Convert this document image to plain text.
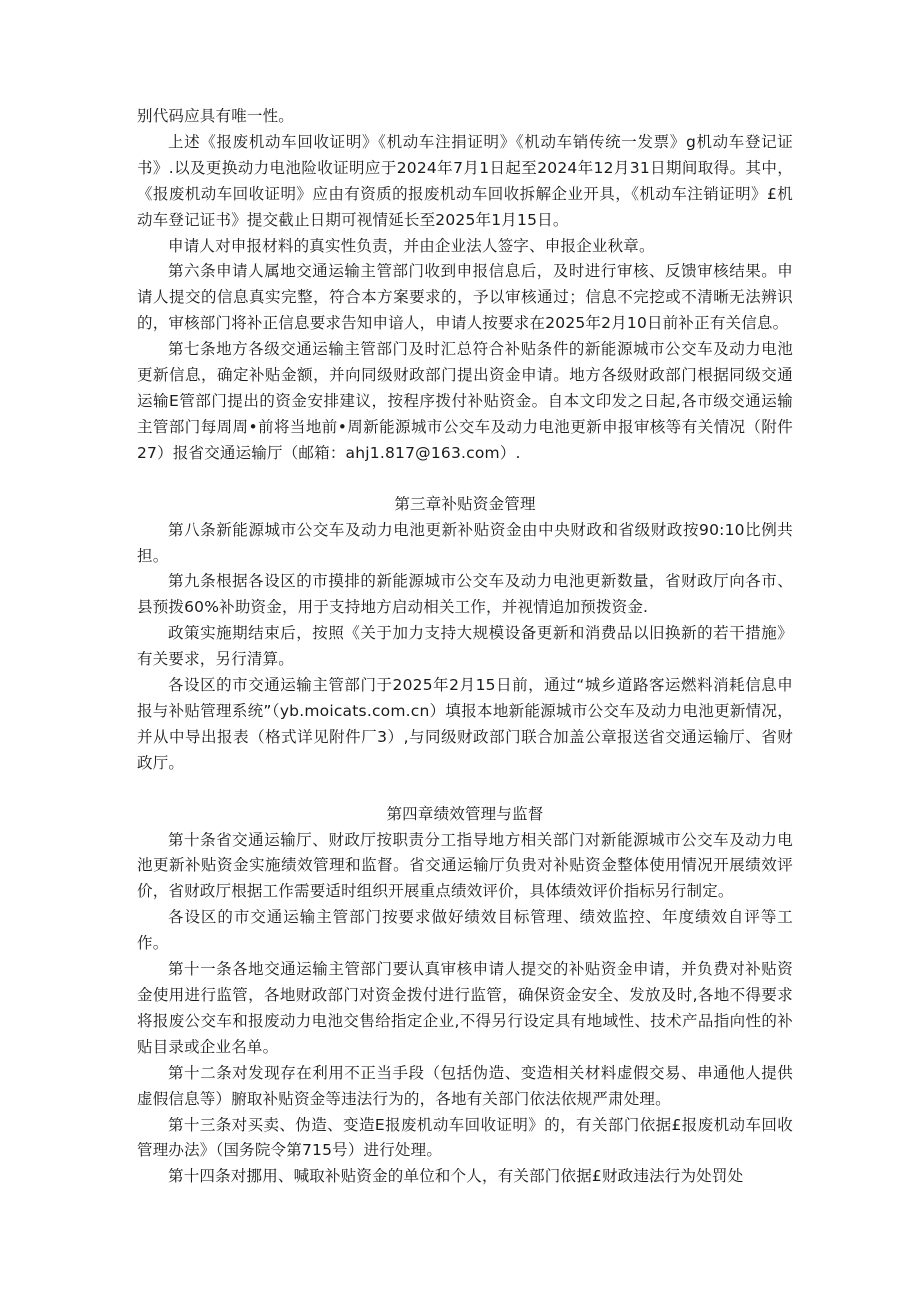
别代码应具有唯一性。

上述《报废机动车回收证明》《机动车注捐证明》《机动车销传统一发票》g机动车登记证书》.以及更换动力电池险收证明应于2024年7月1日起至2024年12月31日期间取得。其中，《报废机动车回收证明》应由有资质的报废机动车回收拆解企业开具，《机动车注销证明》£机动车登记证书》提交截止日期可视情延长至2025年1月15日。

申请人对申报材料的真实性负责，并由企业法人签字、申报企业秋章。

第六条申请人属地交通运输主管部门收到申报信息后，及时进行审核、反馈审核结果。申请人提交的信息真实完整，符合本方案要求的，予以审核通过；信息不完挖或不清晰无法辨识的，审核部门将补正信息要求告知申谙人，申请人按要求在2025年2月10日前补正有关信息。

第七条地方各级交通运输主管部门及时汇总符合补贴条件的新能源城市公交车及动力电池更新信息，确定补贴金额，并向同级财政部门提出资金申请。地方各级财政部门根据同级交通运输E管部门提出的资金安排建议，按程序拨付补贴资金。自本文印发之日起,各市级交通运输主管部门每周周•前将当地前•周新能源城市公交车及动力电池更新申报审核等有关情况（附件27）报省交通运输厅（邮箱：ahj1.817@163.com）.

第三章补贴资金管理

第八条新能源城市公交车及动力电池更新补贴资金由中央财政和省级财政按90:10比例共担。

第九条根据各设区的市摸排的新能源城市公交车及动力电池更新数量，省财政厅向各市、县预拨60%补助资金，用于支持地方启动相关工作，并视情追加预拨资金.

政策实施期结束后，按照《关于加力支持大规模设备更新和消费品以旧换新的若干措施》有关要求，另行清算。

各设区的市交通运输主管部门于2025年2月15日前，通过“城乡道路客运燃料消耗信息申报与补贴管理系统”（yb.moicats.com.cn）填报本地新能源城市公交车及动力电池更新情况，并从中导出报表（格式详见附件厂3）,与同级财政部门联合加盖公章报送省交通运输厅、省财政厅。

第四章绩效管理与监督

第十条省交通运输厅、财政厅按职责分工指导地方相关部门对新能源城市公交车及动力电池更新补贴资金实施绩效管理和监督。省交通运输厅负贵对补贴资金整体使用情况开展绩效评价，省财政厅根据工作需要适时组织开展重点绩效评价，具体绩效评价指标另行制定。

各设区的市交通运输主管部门按要求做好绩效目标管理、绩效监控、年度绩效自评等工作。

第十一条各地交通运输主管部门要认真审核申请人提交的补贴资金申请，并负费对补贴资金使用进行监管，各地财政部门对资金拨付进行监管，确保资金安全、发放及时,各地不得要求将报废公交车和报废动力电池交售给指定企业,不得另行设定具有地域性、技术产品指向性的补贴目录或企业名单。

第十二条对发现存在利用不正当手段（包括伪造、变造相关材料虚假交易、串通他人提供虚假信息等）腑取补贴资金等违法行为的，各地有关部门依法依规严肃处理。

第十三条对买卖、伪造、变造E报废机动车回收证明》的，有关部门依据£报废机动车回收管理办法》（国务院令第715号）进行处理。

第十四条对挪用、喊取补贴资金的单位和个人，有关部门依据£财政违法行为处罚处
